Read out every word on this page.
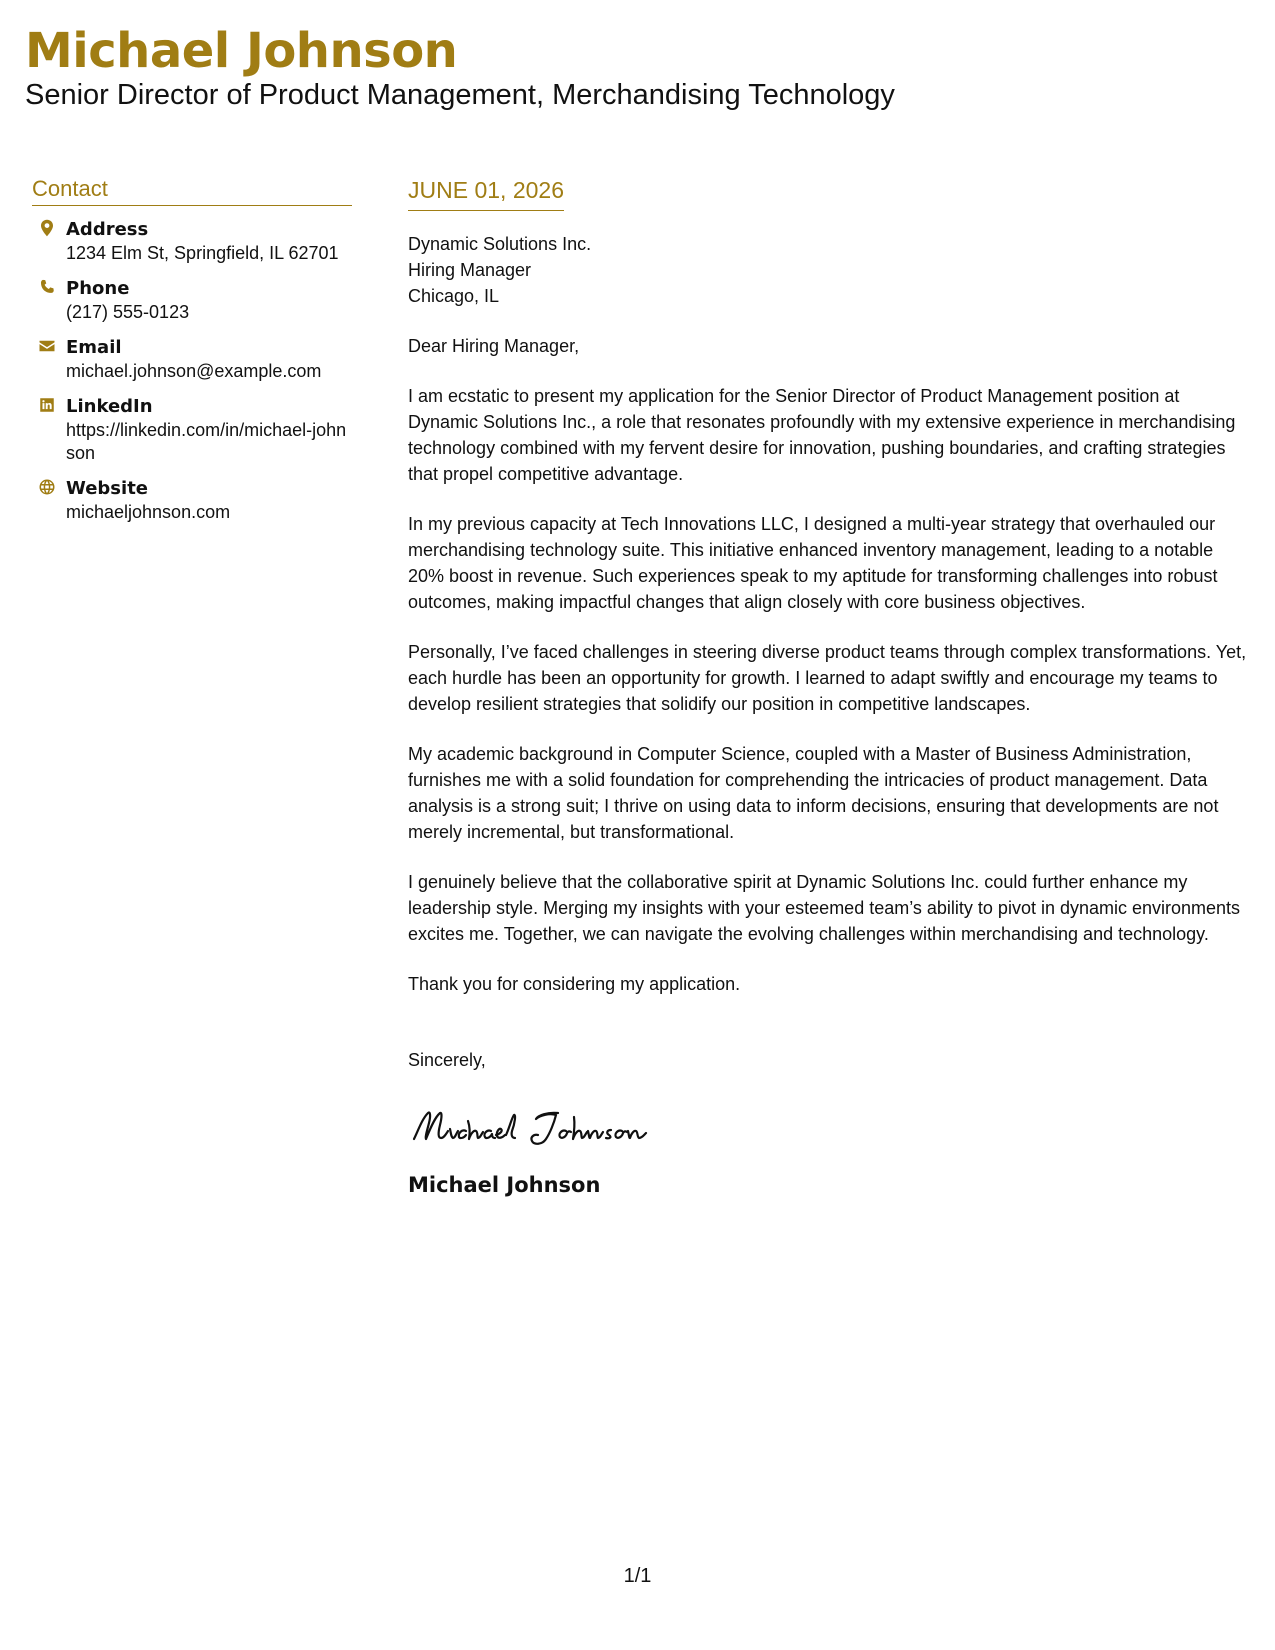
Michael Johnson
Senior Director of Product Management, Merchandising Technology
Contact
Address
1234 Elm St, Springfield, IL 62701
Phone
(217) 555-0123
Email
michael.johnson@example.com
LinkedIn
https://linkedin.com/in/michael-johnson
Website
michaeljohnson.com
JUNE 01, 2026
Dynamic Solutions Inc.
Hiring Manager
Chicago, IL
Dear Hiring Manager,
I am ecstatic to present my application for the Senior Director of Product Management position at Dynamic Solutions Inc., a role that resonates profoundly with my extensive experience in merchandising technology combined with my fervent desire for innovation, pushing boundaries, and crafting strategies that propel competitive advantage.
In my previous capacity at Tech Innovations LLC, I designed a multi-year strategy that overhauled our merchandising technology suite. This initiative enhanced inventory management, leading to a notable 20% boost in revenue. Such experiences speak to my aptitude for transforming challenges into robust outcomes, making impactful changes that align closely with core business objectives.
Personally, I’ve faced challenges in steering diverse product teams through complex transformations. Yet, each hurdle has been an opportunity for growth. I learned to adapt swiftly and encourage my teams to develop resilient strategies that solidify our position in competitive landscapes.
My academic background in Computer Science, coupled with a Master of Business Administration, furnishes me with a solid foundation for comprehending the intricacies of product management. Data analysis is a strong suit; I thrive on using data to inform decisions, ensuring that developments are not merely incremental, but transformational.
I genuinely believe that the collaborative spirit at Dynamic Solutions Inc. could further enhance my leadership style. Merging my insights with your esteemed team’s ability to pivot in dynamic environments excites me. Together, we can navigate the evolving challenges within merchandising and technology.
Thank you for considering my application.
Sincerely,
Michael Johnson
1/1
